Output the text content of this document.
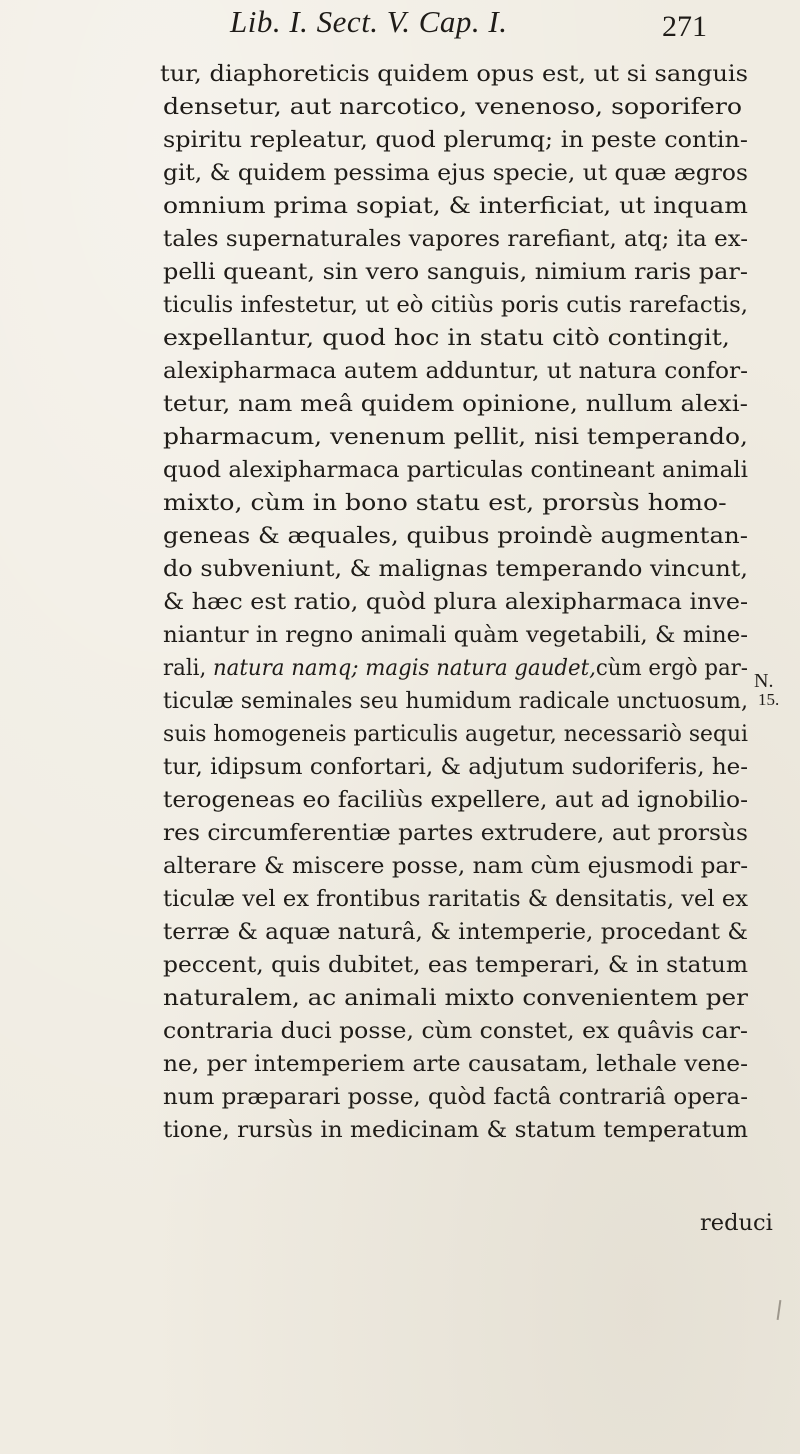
Lib. I. Sect. V. Cap. I.	271
tur, diaphoreticis quidem opus est, ut si sanguis
densetur, aut narcotico, venenoso, soporifero
spiritu repleatur, quod plerumq; in peste contin-
git, & quidem pessima ejus specie, ut quæ ægros
omnium prima sopiat, & interficiat, ut inquam
tales supernaturales vapores rarefiant, atq; ita ex-
pelli queant, sin vero sanguis, nimium raris par-
ticulis infestetur, ut eò citiùs poris cutis rarefactis,
expellantur, quod hoc in statu citò contingit,
alexipharmaca autem adduntur, ut natura confor-
tetur, nam meâ quidem opinione, nullum alexi-
pharmacum, venenum pellit, nisi temperando,
quod alexipharmaca particulas contineant animali
mixto, cùm in bono statu est, prorsùs homo-
geneas & æquales, quibus proindè augmentan-
do subveniunt, & malignas temperando vincunt,
& hæc est ratio, quòd plura alexipharmaca inve-
niantur in regno animali quàm vegetabili, & mine-
rali, natura namq; magis natura gaudet,cùm ergò par-
ticulæ seminales seu humidum radicale unctuosum,
suis homogeneis particulis augetur, necessariò sequi
tur, idipsum confortari, & adjutum sudoriferis, he-
terogeneas eo faciliùs expellere, aut ad ignobilio-
res circumferentiæ partes extrudere, aut prorsùs
alterare & miscere posse, nam cùm ejusmodi par-
ticulæ vel ex frontibus raritatis & densitatis, vel ex
terræ & aquæ naturâ, & intemperie, procedant &
peccent, quis dubitet, eas temperari, & in statum
naturalem, ac animali mixto convenientem per
contraria duci posse, cùm constet, ex quâvis car-
ne, per intemperiem arte causatam, lethale vene-
num præparari posse, quòd factâ contrariâ opera-
tione, rursùs in medicinam & statum temperatum
N.
15.
reduci
